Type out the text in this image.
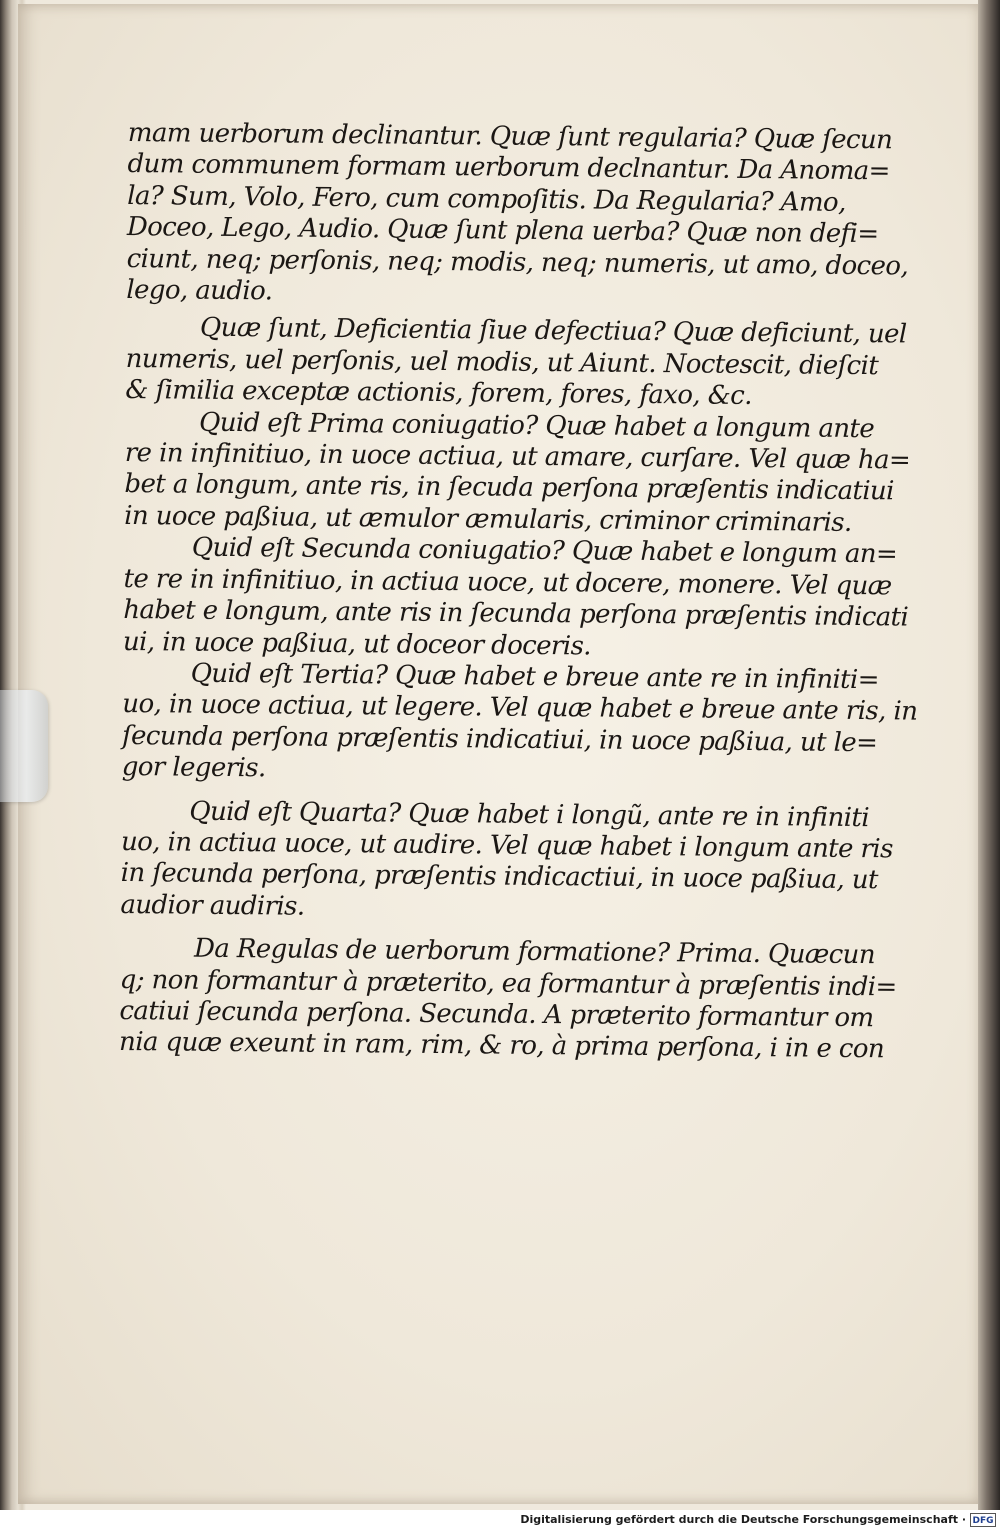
mam uerborum declinantur. Quæ ſunt regularia? Quæ ſecun
dum communem formam uerborum declnantur. Da Anoma=
la? Sum, Volo, Fero, cum compoſitis. Da Regularia? Amo,
Doceo, Lego, Audio. Quæ ſunt plena uerba? Quæ non defi=
ciunt, neq; perſonis, neq; modis, neq; numeris, ut amo, doceo,
lego, audio.
Quæ ſunt, Deficientia ſiue defectiua? Quæ deficiunt, uel
numeris, uel perſonis, uel modis, ut Aiunt. Noctescit, dieſcit
& ſimilia exceptæ actionis, forem, fores, faxo, &c.
Quid eſt Prima coniugatio? Quæ habet a longum ante
re in infinitiuo, in uoce actiua, ut amare, curſare. Vel quæ ha=
bet a longum, ante ris, in ſecuda perſona præſentis indicatiui
in uoce paßiua, ut æmulor æmularis, criminor criminaris.
Quid eſt Secunda coniugatio? Quæ habet e longum an=
te re in infinitiuo, in actiua uoce, ut docere, monere. Vel quæ
habet e longum, ante ris in ſecunda perſona præſentis indicati
ui, in uoce paßiua, ut doceor doceris.
Quid eſt Tertia? Quæ habet e breue ante re in infiniti=
uo, in uoce actiua, ut legere. Vel quæ habet e breue ante ris, in
ſecunda perſona præſentis indicatiui, in uoce paßiua, ut le=
gor legeris.
Quid eſt Quarta? Quæ habet i longũ, ante re in infiniti
uo, in actiua uoce, ut audire. Vel quæ habet i longum ante ris
in ſecunda perſona, præſentis indicactiui, in uoce paßiua, ut
audior audiris.
Da Regulas de uerborum formatione? Prima. Quæcun
q; non formantur à præterito, ea formantur à præſentis indi=
catiui ſecunda perſona. Secunda. A præterito formantur om
nia quæ exeunt in ram, rim, & ro, à prima perſona, i in e con
Digitalisierung gefördert durch die Deutsche Forschungsgemeinschaft · DFG
